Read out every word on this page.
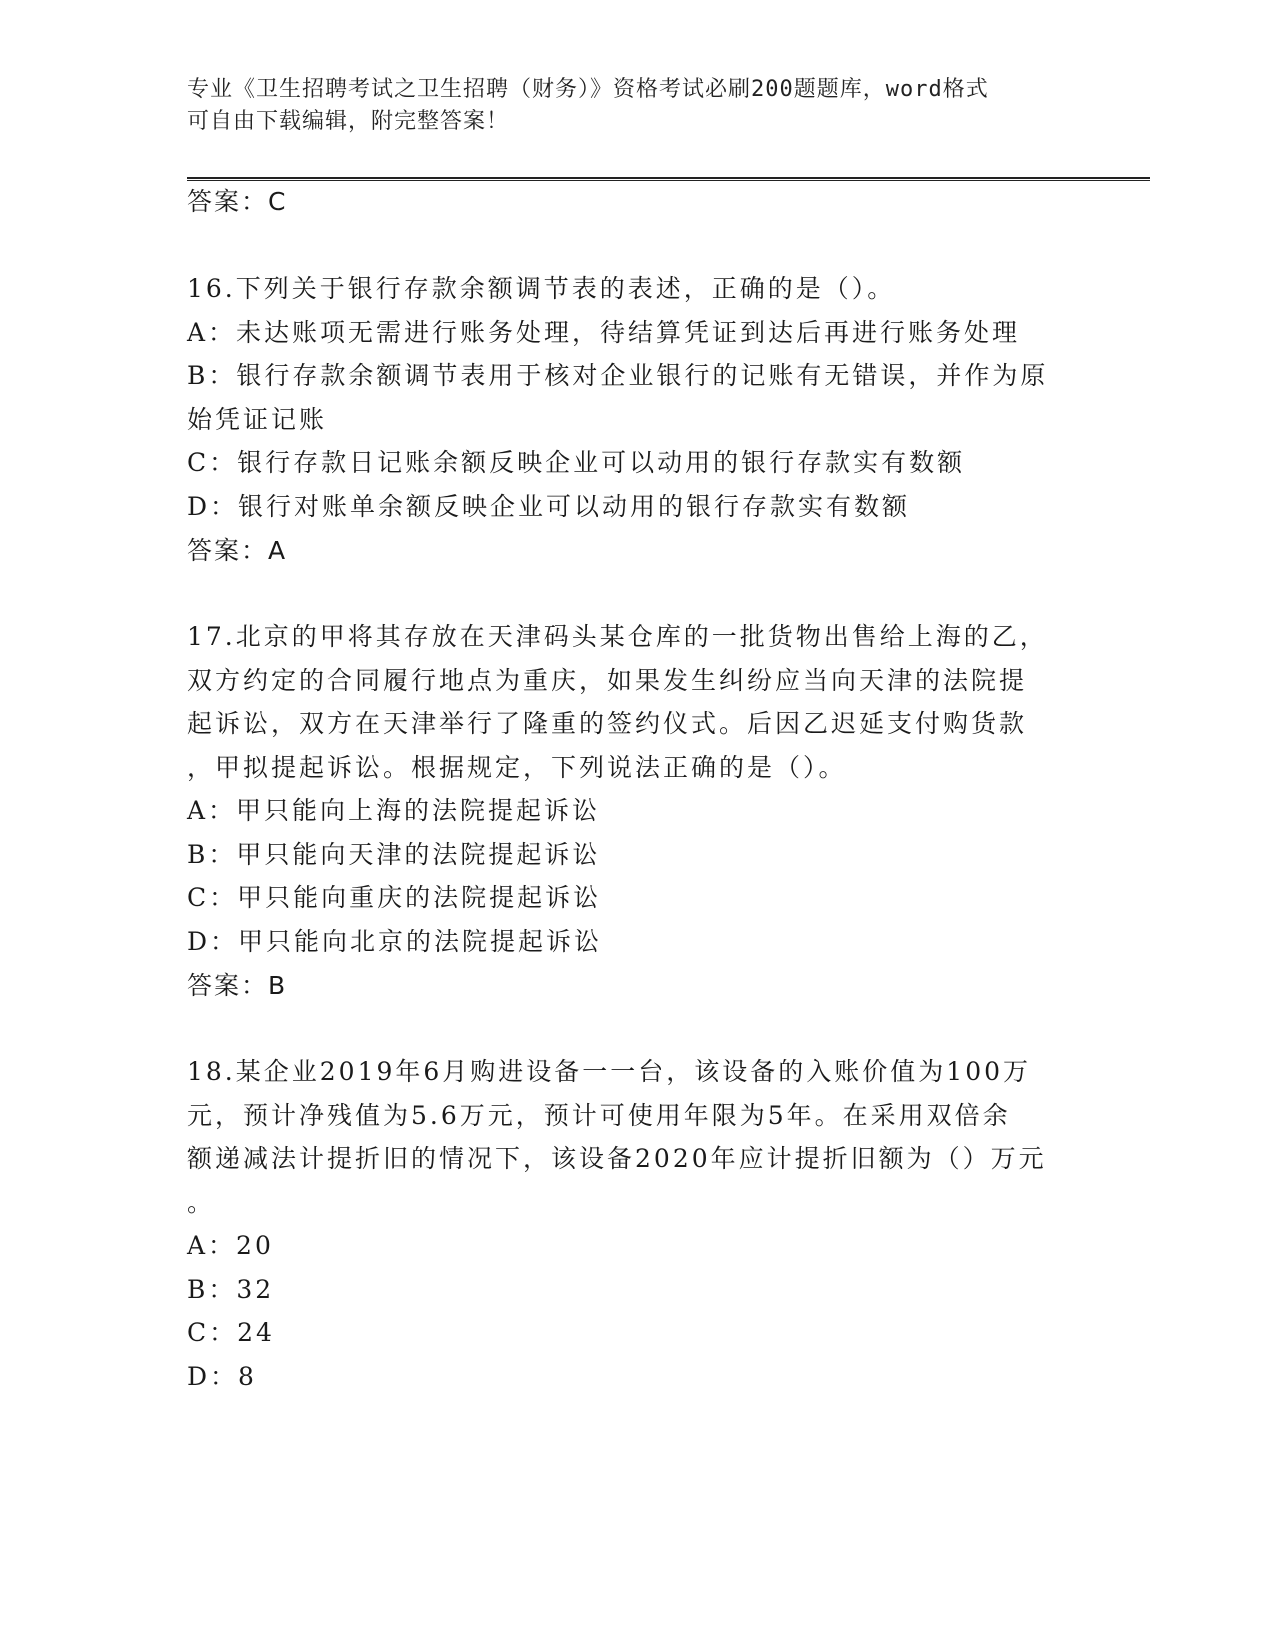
专业《卫生招聘考试之卫生招聘（财务）》资格考试必刷200题题库，word格式
可自由下载编辑，附完整答案！
答案：C
16.下列关于银行存款余额调节表的表述，正确的是（）。
A：未达账项无需进行账务处理，待结算凭证到达后再进行账务处理
B：银行存款余额调节表用于核对企业银行的记账有无错误，并作为原
始凭证记账
C：银行存款日记账余额反映企业可以动用的银行存款实有数额
D：银行对账单余额反映企业可以动用的银行存款实有数额
答案：A
17.北京的甲将其存放在天津码头某仓库的一批货物出售给上海的乙，
双方约定的合同履行地点为重庆，如果发生纠纷应当向天津的法院提
起诉讼，双方在天津举行了隆重的签约仪式。后因乙迟延支付购货款
，甲拟提起诉讼。根据规定，下列说法正确的是（）。
A：甲只能向上海的法院提起诉讼
B：甲只能向天津的法院提起诉讼
C：甲只能向重庆的法院提起诉讼
D：甲只能向北京的法院提起诉讼
答案：B
18.某企业2019年6月购进设备一一台，该设备的入账价值为100万
元，预计净残值为5.6万元，预计可使用年限为5年。在采用双倍余
额递减法计提折旧的情况下，该设备2020年应计提折旧额为（）万元
。
A：20
B：32
C：24
D：8
